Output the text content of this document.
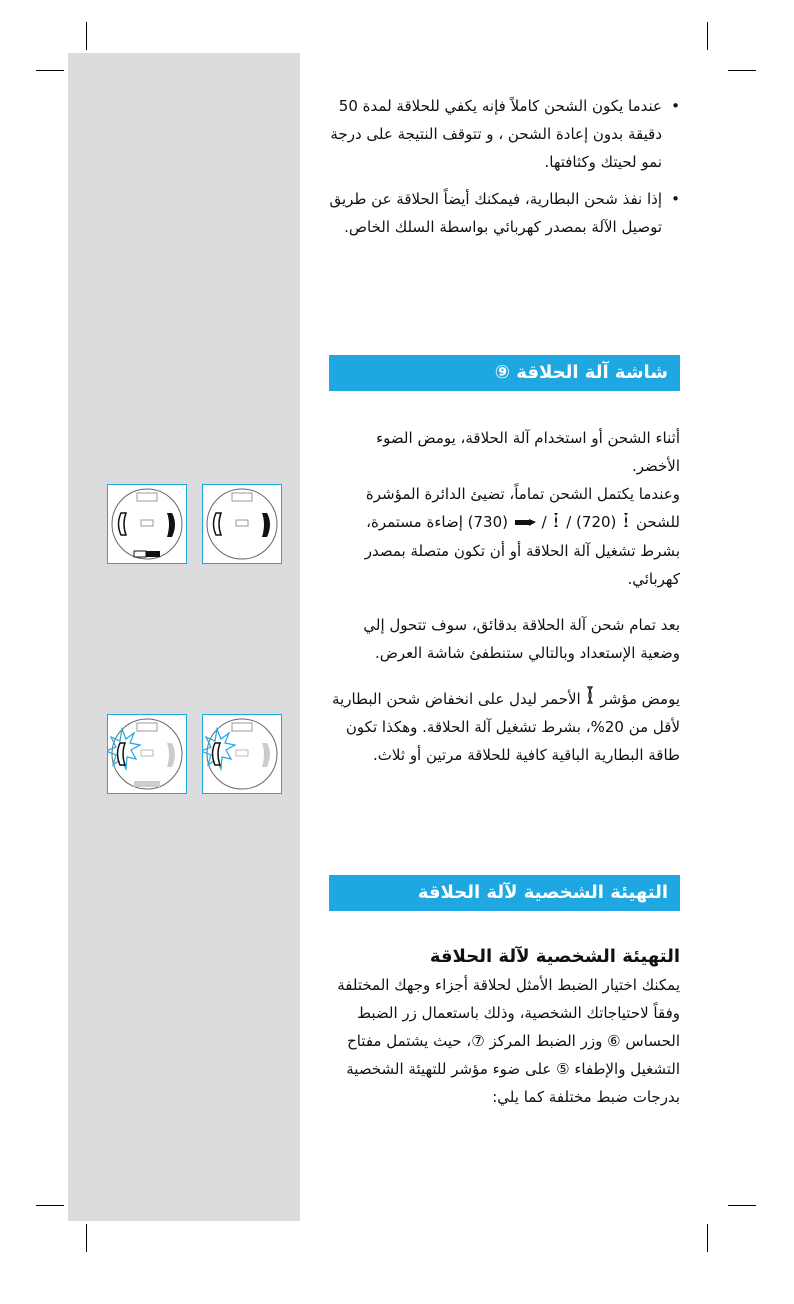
• عندما يكون الشحن كاملاً فإنه يكفي للحلاقة لمدة 50 دقيقة بدون إعادة الشحن ، و تتوقف النتيجة على درجة نمو لحيتك وكثافتها.
• إذا نفذ شحن البطارية، فيمكنك أيضاً الحلاقة عن طريق توصيل الآلة بمصدر كهربائي بواسطة السلك الخاص.
شاشة آلة الحلاقة ⑨

أثناء الشحن أو استخدام آلة الحلاقة، يومض الضوء الأخضر.

وعندما يكتمل الشحن تماماً، تضيئ الدائرة المؤشرة للشحن  (720) /  /  (730) إضاءة مستمرة، بشرط تشغيل آلة الحلاقة أو أن تكون متصلة بمصدر كهربائي.

بعد تمام شحن آلة الحلاقة بدقائق، سوف تتحول إلي وضعية الإستعداد وبالتالي ستنطفئ شاشة العرض.

يومض مؤشر  الأحمر ليدل على انخفاض شحن البطارية لأقل من 20%، بشرط تشغيل آلة الحلاقة. وهكذا تكون طاقة البطارية الباقية كافية للحلاقة مرتين أو ثلاث.

التهيئة الشخصية لآلة الحلاقة

التهيئة الشخصية لآلة الحلاقة

يمكنك اختيار الضبط الأمثل لحلاقة أجزاء وجهك المختلفة وفقاً لاحتياجاتك الشخصية، وذلك باستعمال زر الضبط الحساس ⑥ وزر الضبط المركز ⑦، حيث يشتمل مفتاح التشغيل والإطفاء ⑤ على ضوء مؤشر للتهيئة الشخصية بدرجات ضبط مختلفة كما يلي:
